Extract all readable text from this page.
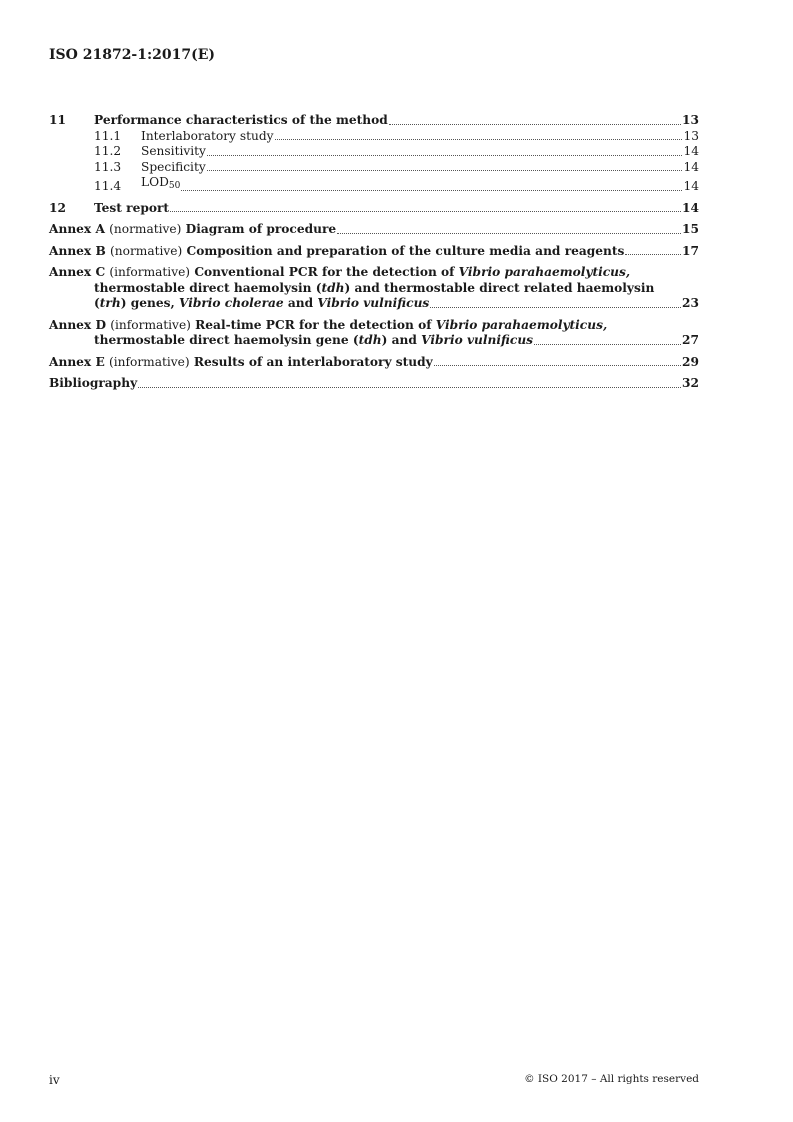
ISO 21872-1:2017(E)
11	Performance characteristics of the method	13
11.1	Interlaboratory study	13
11.2	Sensitivity	14
11.3	Specificity	14
11.4	$LOD_{50}$	14
12	Test report	14
Annex A (normative) Diagram of procedure	15
Annex B (normative) Composition and preparation of the culture media and reagents	17
Annex C (informative) Conventional PCR for the detection of Vibrio parahaemolyticus,
thermostable direct haemolysin (tdh) and thermostable direct related haemolysin
(trh) genes, Vibrio cholerae and Vibrio vulnificus	23
Annex D (informative) Real-time PCR for the detection of Vibrio parahaemolyticus,
thermostable direct haemolysin gene (tdh) and Vibrio vulnificus	27
Annex E (informative) Results of an interlaboratory study	29
Bibliography	32
iv	© ISO 2017 – All rights reserved
